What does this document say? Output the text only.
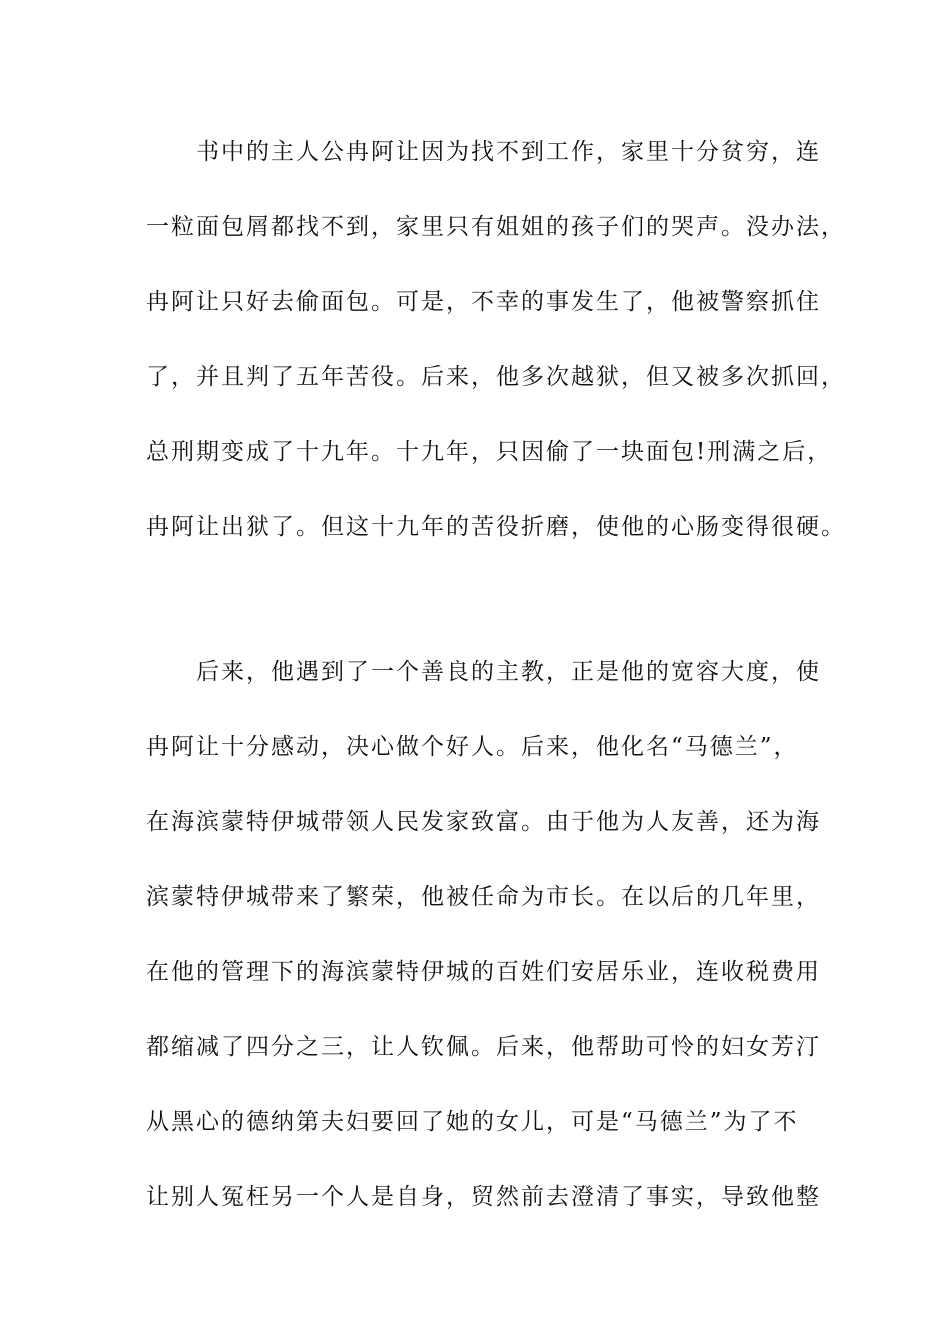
书中的主人公冉阿让因为找不到工作，家里十分贫穷，连
一粒面包屑都找不到，家里只有姐姐的孩子们的哭声。没办法，
冉阿让只好去偷面包。可是，不幸的事发生了，他被警察抓住
了，并且判了五年苦役。后来，他多次越狱，但又被多次抓回，
总刑期变成了十九年。十九年，只因偷了一块面包!刑满之后，
冉阿让出狱了。但这十九年的苦役折磨，使他的心肠变得很硬。

后来，他遇到了一个善良的主教，正是他的宽容大度，使
冉阿让十分感动，决心做个好人。后来，他化名“马德兰”，
在海滨蒙特伊城带领人民发家致富。由于他为人友善，还为海
滨蒙特伊城带来了繁荣，他被任命为市长。在以后的几年里，
在他的管理下的海滨蒙特伊城的百姓们安居乐业，连收税费用
都缩减了四分之三，让人钦佩。后来，他帮助可怜的妇女芳汀
从黑心的德纳第夫妇要回了她的女儿，可是“马德兰”为了不
让别人冤枉另一个人是自身，贸然前去澄清了事实，导致他整
